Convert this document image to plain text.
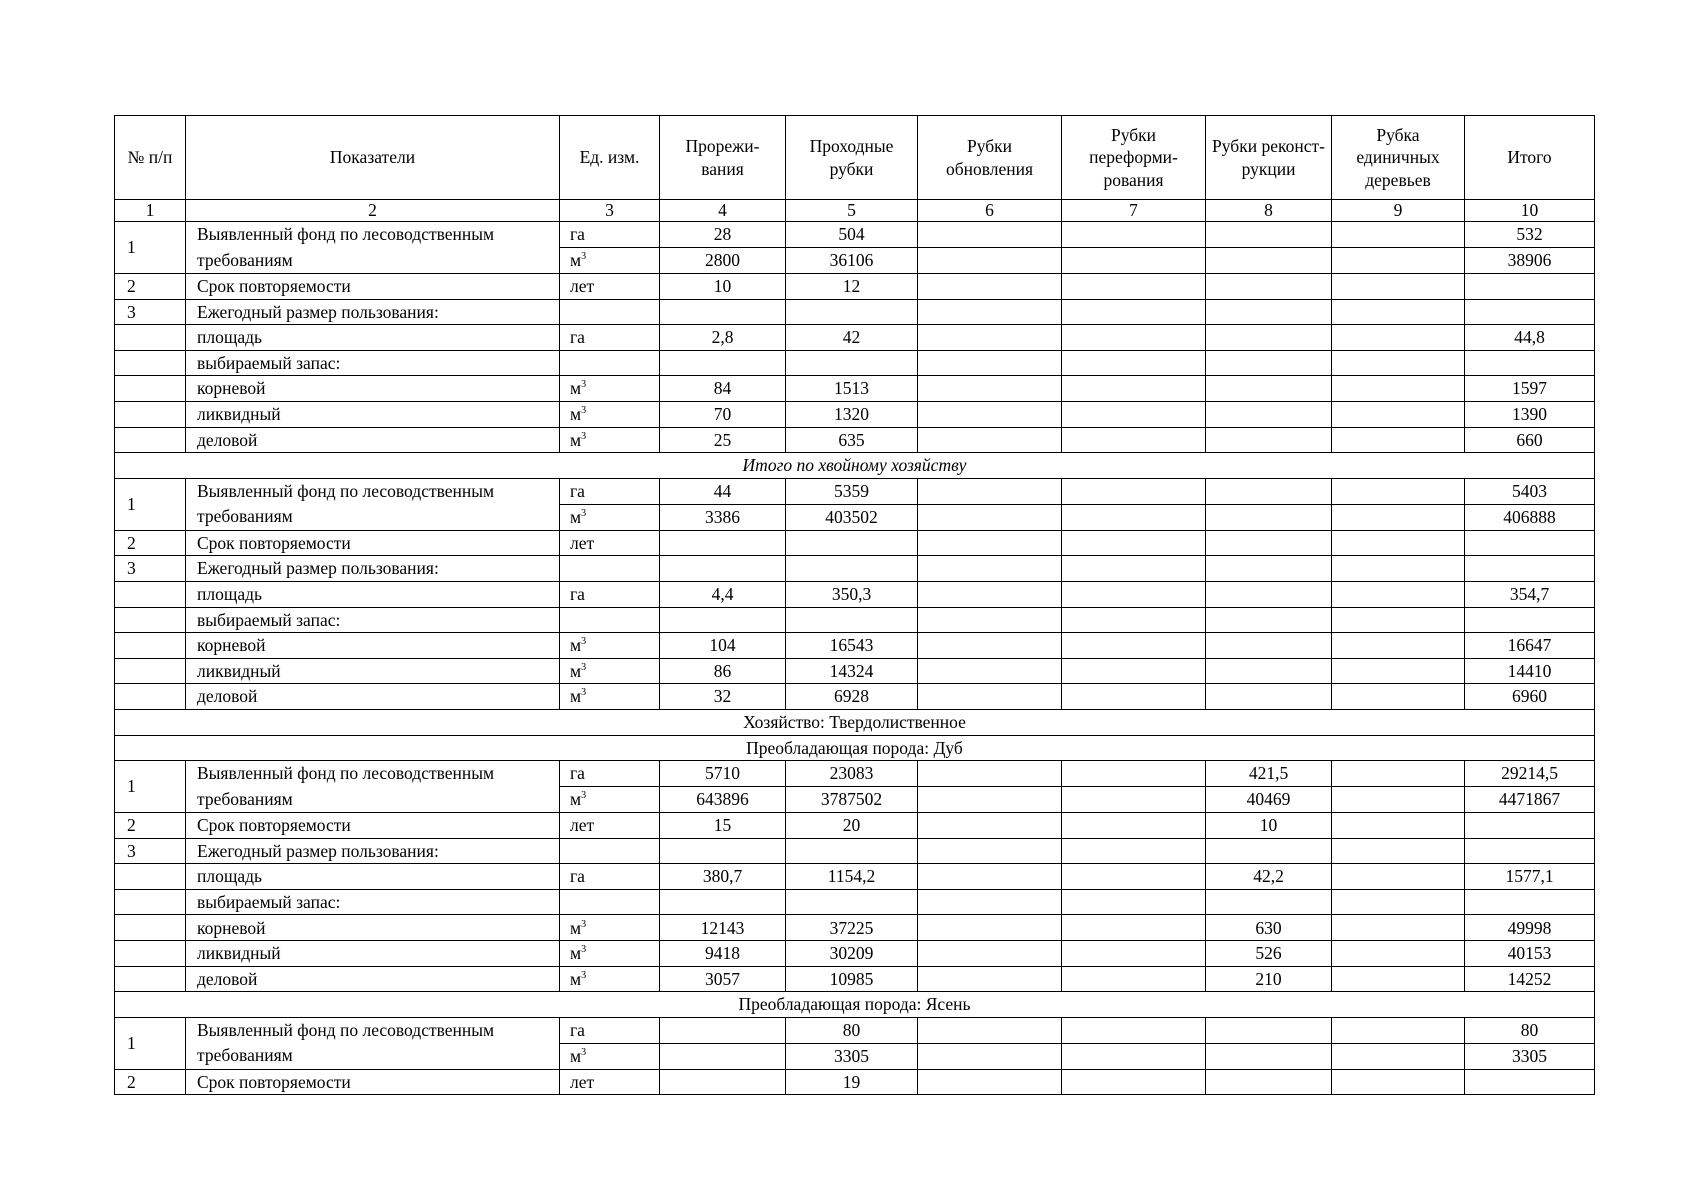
№ п/п	Показатели	Ед. изм.	Прорежи-вания	Проходные рубки	Рубки обновления	Рубки переформи-рования	Рубки реконст-рукции	Рубка единичных деревьев	Итого
1	2	3	4	5	6	7	8	9	10
1	Выявленный фонд по лесоводственным требованиям	га	28	504					532
		$м^3$	2800	36106					38906
2	Срок повторяемости	лет	10	12					
3	Ежегодный размер пользования:								
	площадь	га	2,8	42					44,8
	выбираемый запас:								
	корневой	$м^3$	84	1513					1597
	ликвидный	$м^3$	70	1320					1390
	деловой	$м^3$	25	635					660
Итого по хвойному хозяйству									
1	Выявленный фонд по лесоводственным требованиям	га	44	5359					5403
		$м^3$	3386	403502					406888
2	Срок повторяемости	лет							
3	Ежегодный размер пользования:								
	площадь	га	4,4	350,3					354,7
	выбираемый запас:								
	корневой	$м^3$	104	16543					16647
	ликвидный	$м^3$	86	14324					14410
	деловой	$м^3$	32	6928					6960
Хозяйство: Твердолиственное									
Преобладающая порода: Дуб									
1	Выявленный фонд по лесоводственным требованиям	га	5710	23083			421,5		29214,5
		$м^3$	643896	3787502			40469		4471867
2	Срок повторяемости	лет	15	20			10		
3	Ежегодный размер пользования:								
	площадь	га	380,7	1154,2			42,2		1577,1
	выбираемый запас:								
	корневой	$м^3$	12143	37225			630		49998
	ликвидный	$м^3$	9418	30209			526		40153
	деловой	$м^3$	3057	10985			210		14252
Преобладающая порода: Ясень									
1	Выявленный фонд по лесоводственным требованиям	га		80					80
		$м^3$		3305					3305
2	Срок повторяемости	лет		19					
